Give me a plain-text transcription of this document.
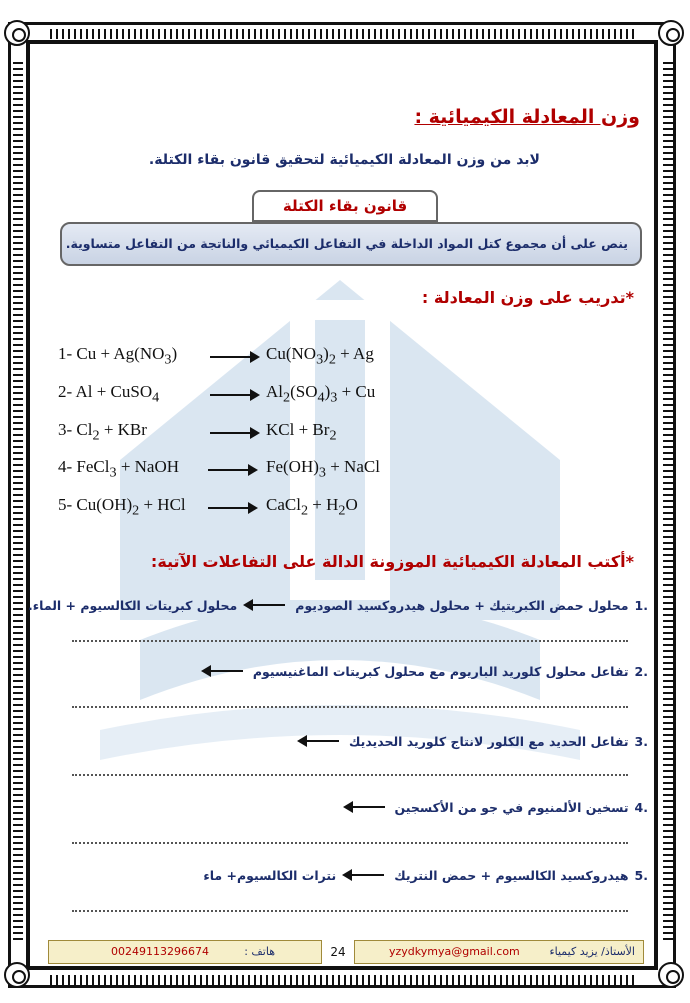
وزن المعادلة الكيميائية :
لابد من وزن المعادلة الكيميائية لتحقيق قانون بقاء الكتلة.
ينص على أن مجموع كتل المواد الداخلة في التفاعل الكيميائي والناتجة من التفاعل متساوية.
قانون بقاء الكتلة
*تدريب على وزن المعادلة :
1- $Cu + Ag(NO_3) \to Cu(NO_3)_2 + Ag$
2- Al + CuSO$_4$	→ $Al_2(SO_4)_3 + Cu$
3- $Cl_2$ + KBr	→ KCl + $Br_2$
4- FeCl$_3$ + NaOH → $Fe(OH)_3$ + NaCl
5- $Cu(OH)_2$ + HCl → CaCl$_2$ + $H_2O$
*أكتب المعادلة الكيميائية الموزونة الدالة على التفاعلات الآتية:
.1محلول حمض الكبريتيك + محلول هيدروكسيد الصوديوم
محلول كبريتات الكالسيوم + الماء.
.2تفاعل محلول كلوريد الباريوم مع محلول كبريتات الماغنيسيوم
.3تفاعل الحديد مع الكلور لانتاج كلوريد الحديديك
.4تسخين الألمنيوم في جو من الأكسجين
.5هيدروكسيد الكالسيوم + حمض النتريك
نترات الكالسيوم+ ماء
الأستاذ/ يزيد كيمياء
yzydkymya@gmail.com
24
هاتف :
00249113296674
